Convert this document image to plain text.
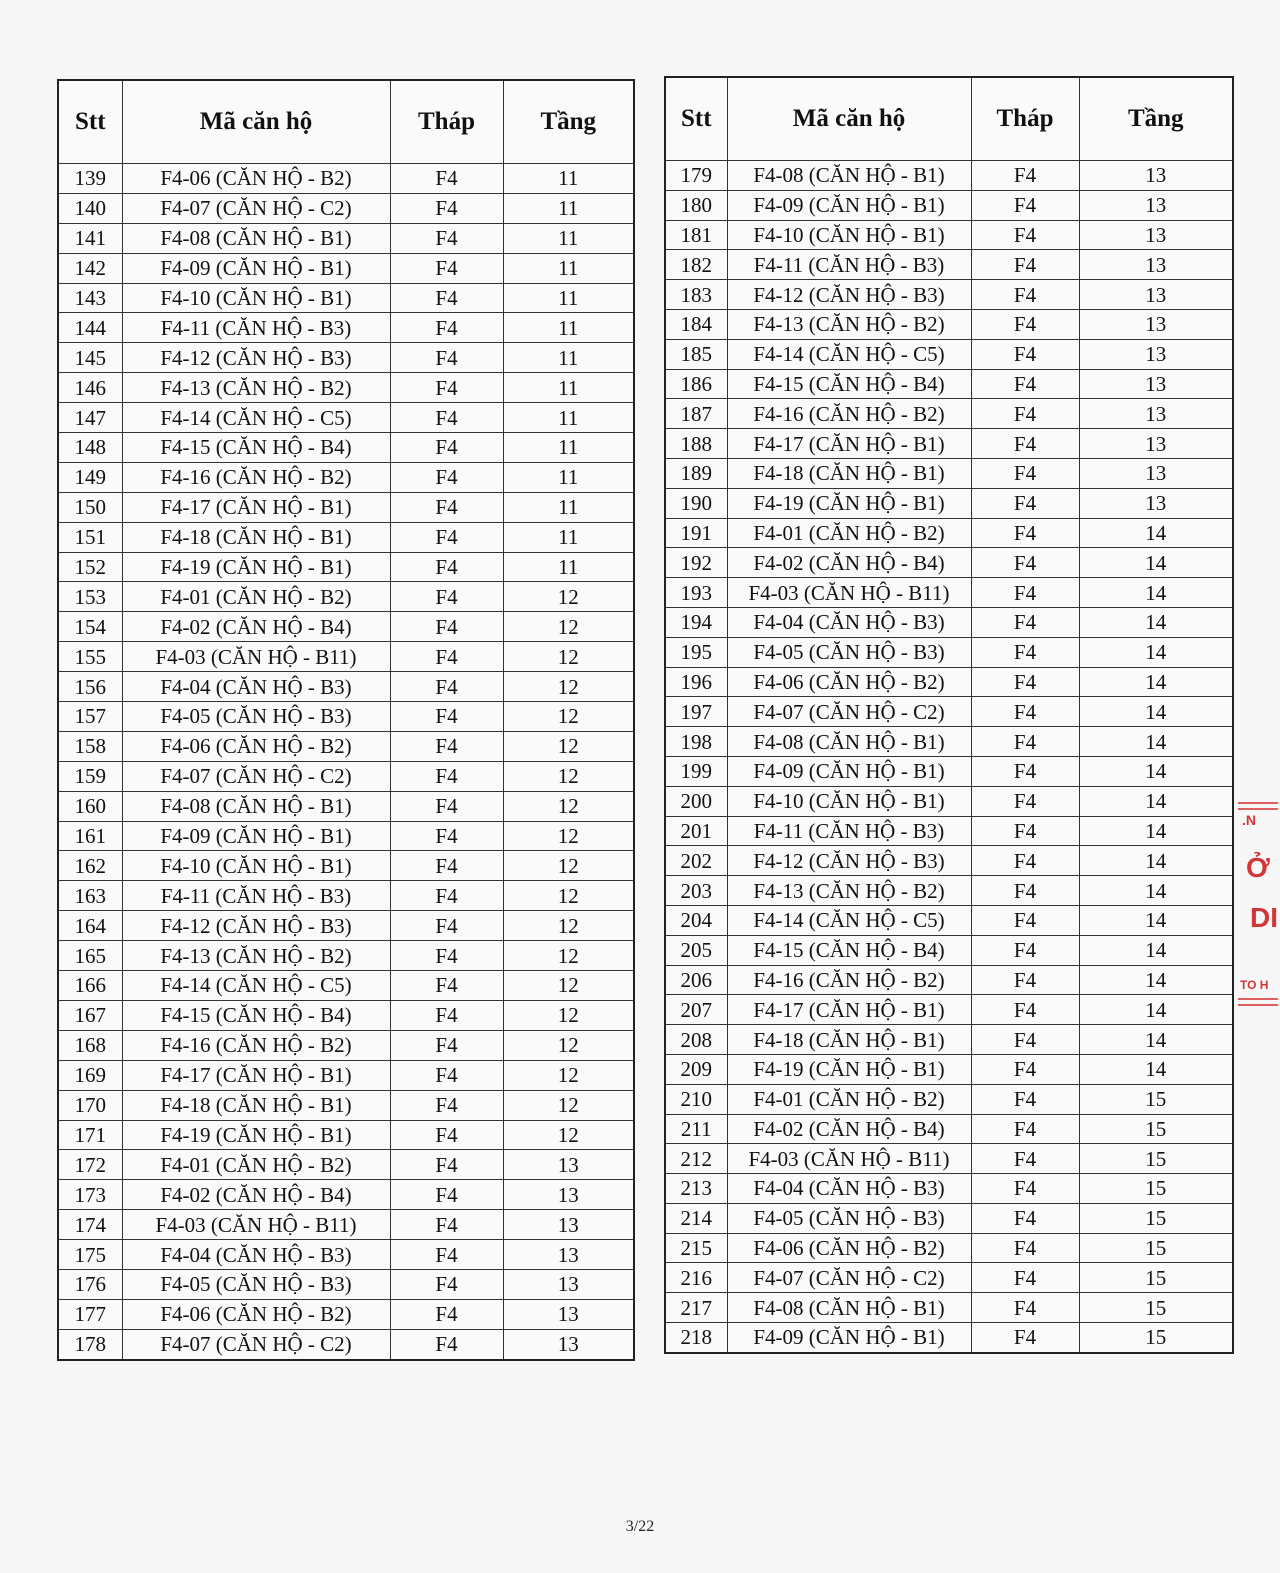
Stt	Mã căn hộ	Tháp	Tầng
139	F4-06 (CĂN HỘ - B2)	F4	11
140	F4-07 (CĂN HỘ - C2)	F4	11
141	F4-08 (CĂN HỘ - B1)	F4	11
142	F4-09 (CĂN HỘ - B1)	F4	11
143	F4-10 (CĂN HỘ - B1)	F4	11
144	F4-11 (CĂN HỘ - B3)	F4	11
145	F4-12 (CĂN HỘ - B3)	F4	11
146	F4-13 (CĂN HỘ - B2)	F4	11
147	F4-14 (CĂN HỘ - C5)	F4	11
148	F4-15 (CĂN HỘ - B4)	F4	11
149	F4-16 (CĂN HỘ - B2)	F4	11
150	F4-17 (CĂN HỘ - B1)	F4	11
151	F4-18 (CĂN HỘ - B1)	F4	11
152	F4-19 (CĂN HỘ - B1)	F4	11
153	F4-01 (CĂN HỘ - B2)	F4	12
154	F4-02 (CĂN HỘ - B4)	F4	12
155	F4-03 (CĂN HỘ - B11)	F4	12
156	F4-04 (CĂN HỘ - B3)	F4	12
157	F4-05 (CĂN HỘ - B3)	F4	12
158	F4-06 (CĂN HỘ - B2)	F4	12
159	F4-07 (CĂN HỘ - C2)	F4	12
160	F4-08 (CĂN HỘ - B1)	F4	12
161	F4-09 (CĂN HỘ - B1)	F4	12
162	F4-10 (CĂN HỘ - B1)	F4	12
163	F4-11 (CĂN HỘ - B3)	F4	12
164	F4-12 (CĂN HỘ - B3)	F4	12
165	F4-13 (CĂN HỘ - B2)	F4	12
166	F4-14 (CĂN HỘ - C5)	F4	12
167	F4-15 (CĂN HỘ - B4)	F4	12
168	F4-16 (CĂN HỘ - B2)	F4	12
169	F4-17 (CĂN HỘ - B1)	F4	12
170	F4-18 (CĂN HỘ - B1)	F4	12
171	F4-19 (CĂN HỘ - B1)	F4	12
172	F4-01 (CĂN HỘ - B2)	F4	13
173	F4-02 (CĂN HỘ - B4)	F4	13
174	F4-03 (CĂN HỘ - B11)	F4	13
175	F4-04 (CĂN HỘ - B3)	F4	13
176	F4-05 (CĂN HỘ - B3)	F4	13
177	F4-06 (CĂN HỘ - B2)	F4	13
178	F4-07 (CĂN HỘ - C2)	F4	13
Stt	Mã căn hộ	Tháp	Tầng
179	F4-08 (CĂN HỘ - B1)	F4	13
180	F4-09 (CĂN HỘ - B1)	F4	13
181	F4-10 (CĂN HỘ - B1)	F4	13
182	F4-11 (CĂN HỘ - B3)	F4	13
183	F4-12 (CĂN HỘ - B3)	F4	13
184	F4-13 (CĂN HỘ - B2)	F4	13
185	F4-14 (CĂN HỘ - C5)	F4	13
186	F4-15 (CĂN HỘ - B4)	F4	13
187	F4-16 (CĂN HỘ - B2)	F4	13
188	F4-17 (CĂN HỘ - B1)	F4	13
189	F4-18 (CĂN HỘ - B1)	F4	13
190	F4-19 (CĂN HỘ - B1)	F4	13
191	F4-01 (CĂN HỘ - B2)	F4	14
192	F4-02 (CĂN HỘ - B4)	F4	14
193	F4-03 (CĂN HỘ - B11)	F4	14
194	F4-04 (CĂN HỘ - B3)	F4	14
195	F4-05 (CĂN HỘ - B3)	F4	14
196	F4-06 (CĂN HỘ - B2)	F4	14
197	F4-07 (CĂN HỘ - C2)	F4	14
198	F4-08 (CĂN HỘ - B1)	F4	14
199	F4-09 (CĂN HỘ - B1)	F4	14
200	F4-10 (CĂN HỘ - B1)	F4	14
201	F4-11 (CĂN HỘ - B3)	F4	14
202	F4-12 (CĂN HỘ - B3)	F4	14
203	F4-13 (CĂN HỘ - B2)	F4	14
204	F4-14 (CĂN HỘ - C5)	F4	14
205	F4-15 (CĂN HỘ - B4)	F4	14
206	F4-16 (CĂN HỘ - B2)	F4	14
207	F4-17 (CĂN HỘ - B1)	F4	14
208	F4-18 (CĂN HỘ - B1)	F4	14
209	F4-19 (CĂN HỘ - B1)	F4	14
210	F4-01 (CĂN HỘ - B2)	F4	15
211	F4-02 (CĂN HỘ - B4)	F4	15
212	F4-03 (CĂN HỘ - B11)	F4	15
213	F4-04 (CĂN HỘ - B3)	F4	15
214	F4-05 (CĂN HỘ - B3)	F4	15
215	F4-06 (CĂN HỘ - B2)	F4	15
216	F4-07 (CĂN HỘ - C2)	F4	15
217	F4-08 (CĂN HỘ - B1)	F4	15
218	F4-09 (CĂN HỘ - B1)	F4	15
.N
Ở
DI
TO H
3/22
